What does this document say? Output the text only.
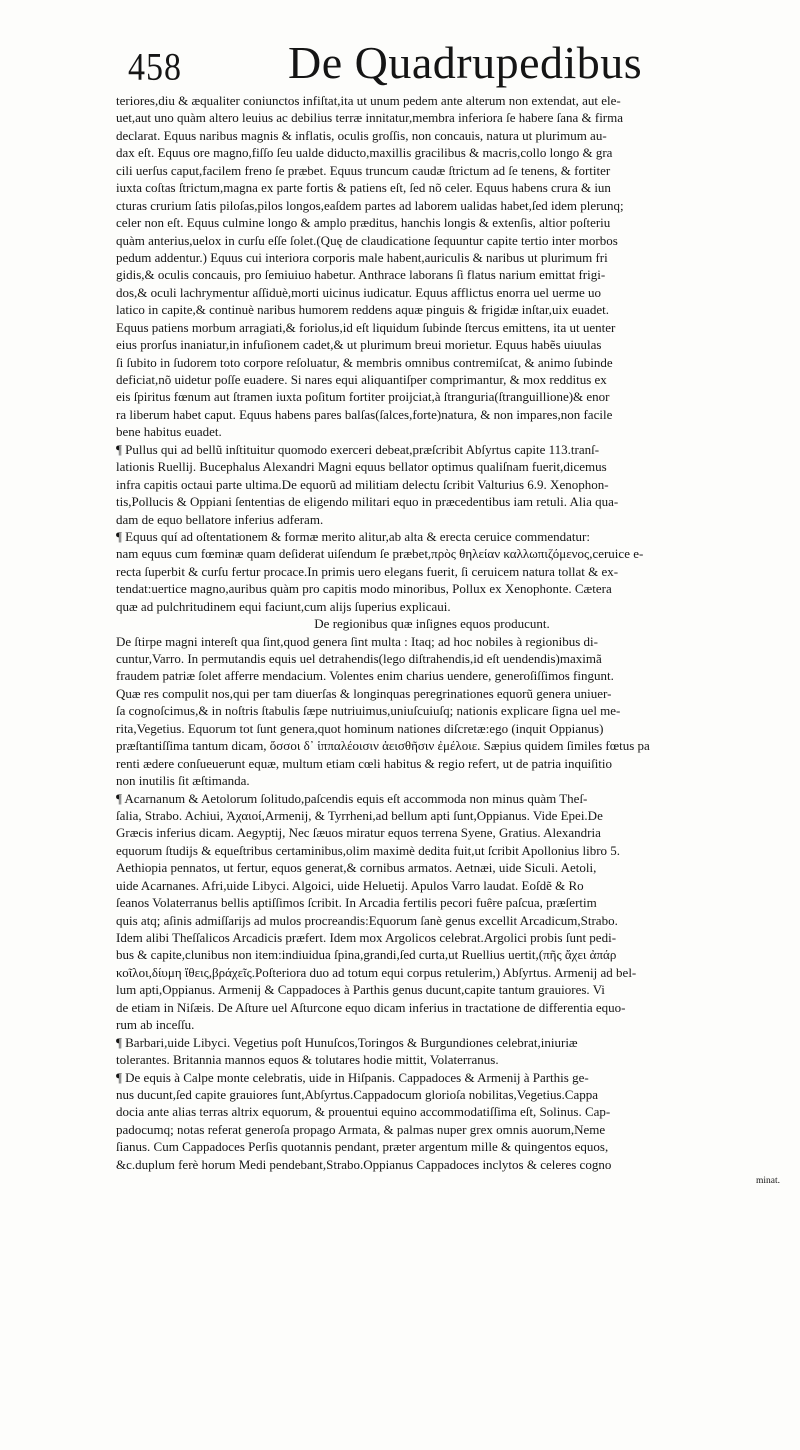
458 De Quadrupedibus
teriores,diu & æqualiter coniunctos infiſtat,ita ut unum pedem ante alterum non extendat, aut ele-
uet,aut uno quàm altero leuius ac debilius terræ innitatur,membra inferiora ſe habere ſana & firma
declarat. Equus naribus magnis & inflatis, oculis groſſis, non concauis, natura ut plurimum au-
dax eſt. Equus ore magno,fiſſo ſeu ualde diducto,maxillis gracilibus & macris,collo longo & gra
cili uerſus caput,facilem freno ſe præbet. Equus truncum caudæ ſtrictum ad ſe tenens, & fortiter
iuxta coſtas ſtrictum,magna ex parte fortis & patiens eſt, ſed nõ celer. Equus habens crura & iun
cturas crurium ſatis piloſas,pilos longos,eaſdem partes ad laborem ualidas habet,ſed idem plerunq;
celer non eſt. Equus culmine longo & amplo præditus, hanchis longis & extenſis, altior poſteriu
quàm anterius,uelox in curſu eſſe ſolet.(Quę de claudicatione ſequuntur capite tertio inter morbos
pedum addentur.) Equus cui interiora corporis male habent,auriculis & naribus ut plurimum fri
gidis,& oculis concauis, pro ſemiuiuo habetur. Anthrace laborans ſi flatus narium emittat frigi-
dos,& oculi lachrymentur aſſiduè,morti uicinus iudicatur. Equus afflictus enorra uel uerme uo
latico in capite,& continuè naribus humorem reddens aquæ pinguis & frigidæ inſtar,uix euadet.
Equus patiens morbum arragiati,& foriolus,id eſt liquidum ſubinde ſtercus emittens, ita ut uenter
eius prorſus inaniatur,in infuſionem cadet,& ut plurimum breui morietur. Equus habẽs uiuulas
ſi ſubito in ſudorem toto corpore reſoluatur, & membris omnibus contremiſcat, & animo ſubinde
deficiat,nõ uidetur poſſe euadere. Si nares equi aliquantiſper comprimantur, & mox redditus ex
eis ſpiritus fœnum aut ſtramen iuxta poſitum fortiter proijciat,à ſtranguria(ſtranguillione)& enor
ra liberum habet caput. Equus habens pares balſas(ſalces,forte)natura, & non impares,non facile
bene habitus euadet.
¶ Pullus qui ad bellũ inſtituitur quomodo exerceri debeat,præſcribit Abſyrtus capite 113.tranſ-
lationis Ruellij. Bucephalus Alexandri Magni equus bellator optimus qualiſnam fuerit,dicemus
infra capitis octaui parte ultima.De equorũ ad militiam delectu ſcribit Valturius 6.9. Xenophon-
tis,Pollucis & Oppiani ſententias de eligendo militari equo in præcedentibus iam retuli. Alia qua-
dam de equo bellatore inferius adferam.
¶ Equus quí ad oſtentationem & formæ merito alitur,ab alta & erecta ceruice commendatur:
nam equus cum fœminæ quam deſiderat uiſendum ſe præbet,πρὸς θηλείαν καλλωπιζόμενος,ceruice e-
recta ſuperbit & curſu fertur procace.In primis uero elegans fuerit, ſi ceruicem natura tollat & ex-
tendat:uertice magno,auribus quàm pro capitis modo minoribus, Pollux ex Xenophonte. Cætera
quæ ad pulchritudinem equi faciunt,cum alijs ſuperius explicaui.
De regionibus quæ inſignes equos producunt.
De ſtirpe magni intereſt qua ſint,quod genera ſint multa : Itaq; ad hoc nobiles à regionibus di-
cuntur,Varro. In permutandis equis uel detrahendis(lego diſtrahendis,id eſt uendendis)maximã
fraudem patriæ ſolet afferre mendacium. Volentes enim charius uendere, generoſiſſimos fingunt.
Quæ res compulit nos,qui per tam diuerſas & longinquas peregrinationes equorũ genera uniuer-
ſa cognoſcimus,& in noſtris ſtabulis ſæpe nutriuimus,uniuſcuiuſq; nationis explicare ſigna uel me-
rita,Vegetius. Equorum tot ſunt genera,quot hominum nationes diſcretæ:ego (inquit Oppianus)
præſtantiſſima tantum dicam, ὅσσοι δ᾽ ἱππαλέοισιν ἀεισθῆσιν ἐμέλοιε. Sæpius quidem ſimiles fœtus pa
renti ædere conſueuerunt equæ, multum etiam cœli habitus & regio refert, ut de patria inquiſitio
non inutilis ſit æſtimanda.
¶ Acarnanum & Aetolorum ſolitudo,paſcendis equis eſt accommoda non minus quàm Theſ-
ſalia, Strabo. Achiui, Ἀχαιοί,Armenij, & Tyrrheni,ad bellum apti ſunt,Oppianus. Vide Epei.De
Græcis inferius dicam. Aegyptij, Nec ſæuos miratur equos terrena Syene, Gratius. Alexandria
equorum ſtudijs & equeſtribus certaminibus,olim maximè dedita fuit,ut ſcribit Apollonius libro 5.
Aethiopia pennatos, ut fertur, equos generat,& cornibus armatos. Aetnæi, uide Siculi. Aetoli,
uide Acarnanes. Afri,uide Libyci. Algoici, uide Heluetij. Apulos Varro laudat. Eoſdẽ & Ro
ſeanos Volaterranus bellis aptiſſimos ſcribit. In Arcadia fertilis pecori fuêre paſcua, præſertim
quis atq; aſinis admiſſarijs ad mulos procreandis:Equorum ſanè genus excellit Arcadicum,Strabo.
Idem alibi Theſſalicos Arcadicis præfert. Idem mox Argolicos celebrat.Argolici probis ſunt pedi-
bus & capite,clunibus non item:indiuidua ſpina,grandi,ſed curta,ut Ruellius uertit,(πῆς ἄχει ἀπάρ
κοῖλοι,δίυμη ἴθεις,βράχεῖς.Poſteriora duo ad totum equi corpus retulerim,) Abſyrtus. Armenij ad bel-
lum apti,Oppianus. Armenij & Cappadoces à Parthis genus ducunt,capite tantum grauiores. Vi
de etiam in Niſæis. De Aſture uel Aſturcone equo dicam inferius in tractatione de differentia equo-
rum ab inceſſu.
¶ Barbari,uide Libyci. Vegetius poſt Hunuſcos,Toringos & Burgundiones celebrat,iniuriæ
tolerantes. Britannia mannos equos & tolutares hodie mittit, Volaterranus.
¶ De equis à Calpe monte celebratis, uide in Hiſpanis. Cappadoces & Armenij à Parthis ge-
nus ducunt,ſed capite grauiores ſunt,Abſyrtus.Cappadocum glorioſa nobilitas,Vegetius.Cappa
docia ante alias terras altrix equorum, & prouentui equino accommodatiſſima eſt, Solinus. Cap-
padocumq; notas referat generoſa propago Armata, & palmas nuper grex omnis auorum,Neme
ſianus. Cum Cappadoces Perſis quotannis pendant, præter argentum mille & quingentos equos,
&c.duplum ferè horum Medi pendebant,Strabo.Oppianus Cappadoces inclytos & celeres cogno
minat.
